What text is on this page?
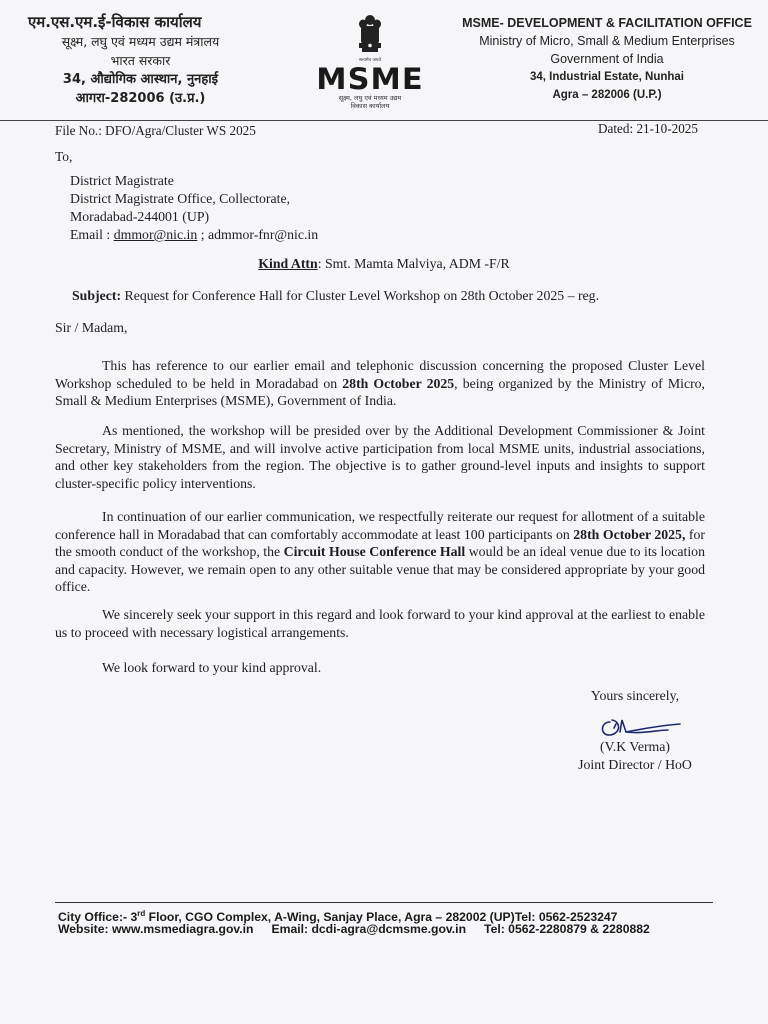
एम.एस.एम.ई-विकास कार्यालय
सूक्ष्म, लघु एवं मध्यम उद्यम मंत्रालय
भारत सरकार
34, औद्योगिक आस्थान, नुनहाई
आगरा-282006 (उ.प्र.)
सत्यमेव जयते
MSME
सूक्ष्म, लघु एवं मध्यम उद्यम
विकास कार्यालय
MSME- DEVELOPMENT & FACILITATION OFFICE
Ministry of Micro, Small & Medium Enterprises
Government of India
34, Industrial Estate, Nunhai
Agra – 282006 (U.P.)
File No.: DFO/Agra/Cluster WS 2025	Dated: 21-10-2025
To,
District Magistrate
District Magistrate Office, Collectorate,
Moradabad-244001 (UP)
Email : dmmor@nic.in ; admmor-fnr@nic.in
Kind Attn: Smt. Mamta Malviya, ADM -F/R
Subject: Request for Conference Hall for Cluster Level Workshop on 28th October 2025 – reg.
Sir / Madam,
This has reference to our earlier email and telephonic discussion concerning the proposed Cluster Level Workshop scheduled to be held in Moradabad on 28th October 2025, being organized by the Ministry of Micro, Small & Medium Enterprises (MSME), Government of India.
As mentioned, the workshop will be presided over by the Additional Development Commissioner & Joint Secretary, Ministry of MSME, and will involve active participation from local MSME units, industrial associations, and other key stakeholders from the region. The objective is to gather ground-level inputs and insights to support cluster-specific policy interventions.
In continuation of our earlier communication, we respectfully reiterate our request for allotment of a suitable conference hall in Moradabad that can comfortably accommodate at least 100 participants on 28th October 2025, for the smooth conduct of the workshop, the Circuit House Conference Hall would be an ideal venue due to its location and capacity. However, we remain open to any other suitable venue that may be considered appropriate by your good office.
We sincerely seek your support in this regard and look forward to your kind approval at the earliest to enable us to proceed with necessary logistical arrangements.
We look forward to your kind approval.
Yours sincerely,
(V.K Verma)
Joint Director / HoO
City Office:- 3rd Floor, CGO Complex, A-Wing, Sanjay Place, Agra – 282002 (UP)Tel: 0562-2523247
Website: www.msmediagra.gov.in Email: dcdi-agra@dcmsme.gov.in Tel: 0562-2280879 & 2280882
